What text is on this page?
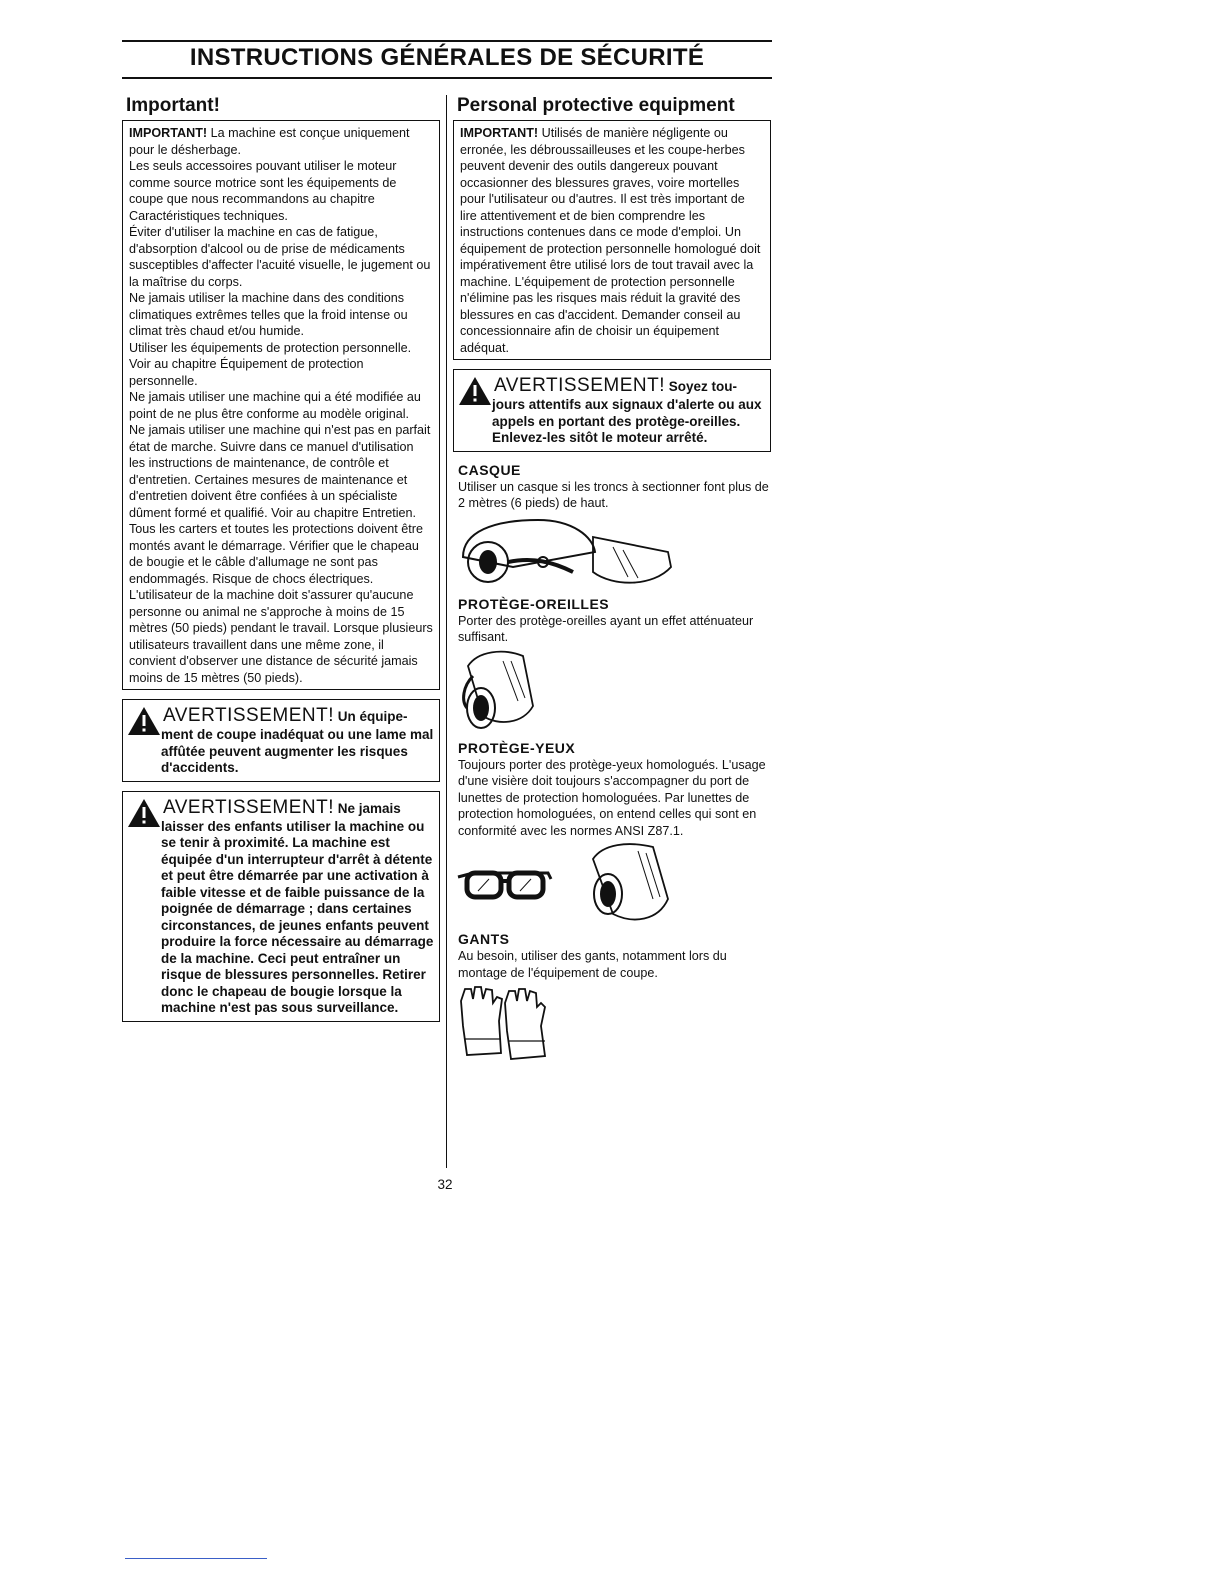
INSTRUCTIONS GÉNÉRALES DE SÉCURITÉ
Important!

IMPORTANT! La machine est conçue uniquement pour le désherbage.

Les seuls accessoires pouvant utiliser le moteur comme source motrice sont les équipements de coupe que nous recommandons au chapitre Caractéristiques techniques.

Éviter d'utiliser la machine en cas de fatigue, d'absorption d'alcool ou de prise de médicaments susceptibles d'affecter l'acuité visuelle, le jugement ou la maîtrise du corps.

Ne jamais utiliser la machine dans des conditions climatiques extrêmes telles que la froid intense ou climat très chaud et/ou humide.

Utiliser les équipements de protection personnelle. Voir au chapitre Équipement de protection personnelle.

Ne jamais utiliser une machine qui a été modifiée au point de ne plus être conforme au modèle original.

Ne jamais utiliser une machine qui n'est pas en parfait état de marche. Suivre dans ce manuel d'utilisation les instructions de maintenance, de contrôle et d'entretien. Certaines mesures de maintenance et d'entretien doivent être confiées à un spécialiste dûment formé et qualifié. Voir au chapitre Entretien.

Tous les carters et toutes les protections doivent être montés avant le démarrage. Vérifier que le chapeau de bougie et le câble d'allumage ne sont pas endommagés. Risque de chocs électriques.

L'utilisateur de la machine doit s'assurer qu'aucune personne ou animal ne s'approche à moins de 15 mètres (50 pieds) pendant le travail. Lorsque plusieurs utilisateurs travaillent dans une même zone, il convient d'observer une distance de sécurité jamais moins de 15 mètres (50 pieds).

AVERTISSEMENT! Un équipe-
ment de coupe inadéquat ou une lame mal affûtée peuvent augmenter les risques d'accidents.
AVERTISSEMENT! Ne jamais
laisser des enfants utiliser la machine ou se tenir à proximité. La machine est équipée d'un interrupteur d'arrêt à détente et peut être démarrée par une activation à faible vitesse et de faible puissance de la poignée de démarrage ; dans certaines circonstances, de jeunes enfants peuvent produire la force nécessaire au démarrage de la machine. Ceci peut entraîner un risque de blessures personnelles. Retirer donc le chapeau de bougie lorsque la machine n'est pas sous surveillance.
Personal protective equipment

IMPORTANT! Utilisés de manière négligente ou erronée, les débroussailleuses et les coupe-herbes peuvent devenir des outils dangereux pouvant occasionner des blessures graves, voire mortelles pour l'utilisateur ou d'autres. Il est très important de lire attentivement et de bien comprendre les instructions contenues dans ce mode d'emploi. Un équipement de protection personnelle homologué doit impérativement être utilisé lors de tout travail avec la machine. L'équipement de protection personnelle n'élimine pas les risques mais réduit la gravité des blessures en cas d'accident. Demander conseil au concessionnaire afin de choisir un équipement adéquat.

AVERTISSEMENT! Soyez tou-
jours attentifs aux signaux d'alerte ou aux appels en portant des protège-oreilles. Enlevez-les sitôt le moteur arrêté.
CASQUE
Utiliser un casque si les troncs à sectionner font plus de 2 mètres (6 pieds) de haut.
PROTÈGE-OREILLES
Porter des protège-oreilles ayant un effet atténuateur suffisant.
PROTÈGE-YEUX
Toujours porter des protège-yeux homologués. L'usage d'une visière doit toujours s'accompagner du port de lunettes de protection homologuées. Par lunettes de protection homologuées, on entend celles qui sont en conformité avec les normes ANSI Z87.1.
GANTS
Au besoin, utiliser des gants, notamment lors du montage de l'équipement de coupe.
32
